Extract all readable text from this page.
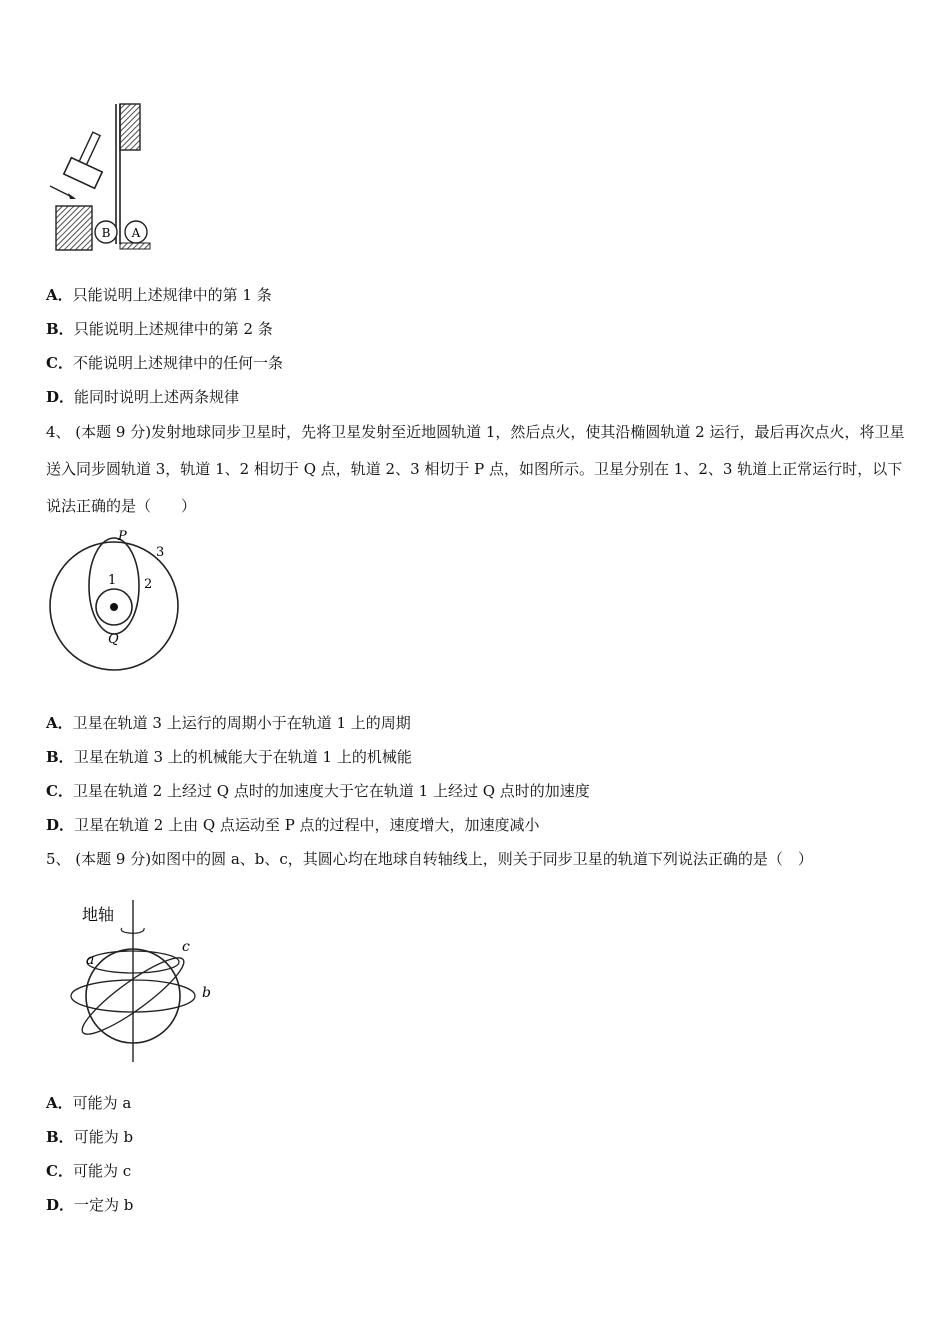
B A
A．只能说明上述规律中的第 1 条
B．只能说明上述规律中的第 2 条
C．不能说明上述规律中的任何一条
D．能同时说明上述两条规律
4、 (本题 9 分)发射地球同步卫星时，先将卫星发射至近地圆轨道 1，然后点火，使其沿椭圆轨道 2 运行，最后再次点火，将卫星送入同步圆轨道 3，轨道 1、2 相切于 Q 点，轨道 2、3 相切于 P 点，如图所示。卫星分别在 1、2、3 轨道上正常运行时，以下说法正确的是（　　）
P
3
1 2
Q
A．卫星在轨道 3 上运行的周期小于在轨道 1 上的周期
B．卫星在轨道 3 上的机械能大于在轨道 1 上的机械能
C．卫星在轨道 2 上经过 Q 点时的加速度大于它在轨道 1 上经过 Q 点时的加速度
D．卫星在轨道 2 上由 Q 点运动至 P 点的过程中，速度增大，加速度减小
5、 (本题 9 分)如图中的圆 a、b、c，其圆心均在地球自转轴线上，则关于同步卫星的轨道下列说法正确的是（　）
地轴
a
c
b
A．可能为 a
B．可能为 b
C．可能为 c
D．一定为 b
